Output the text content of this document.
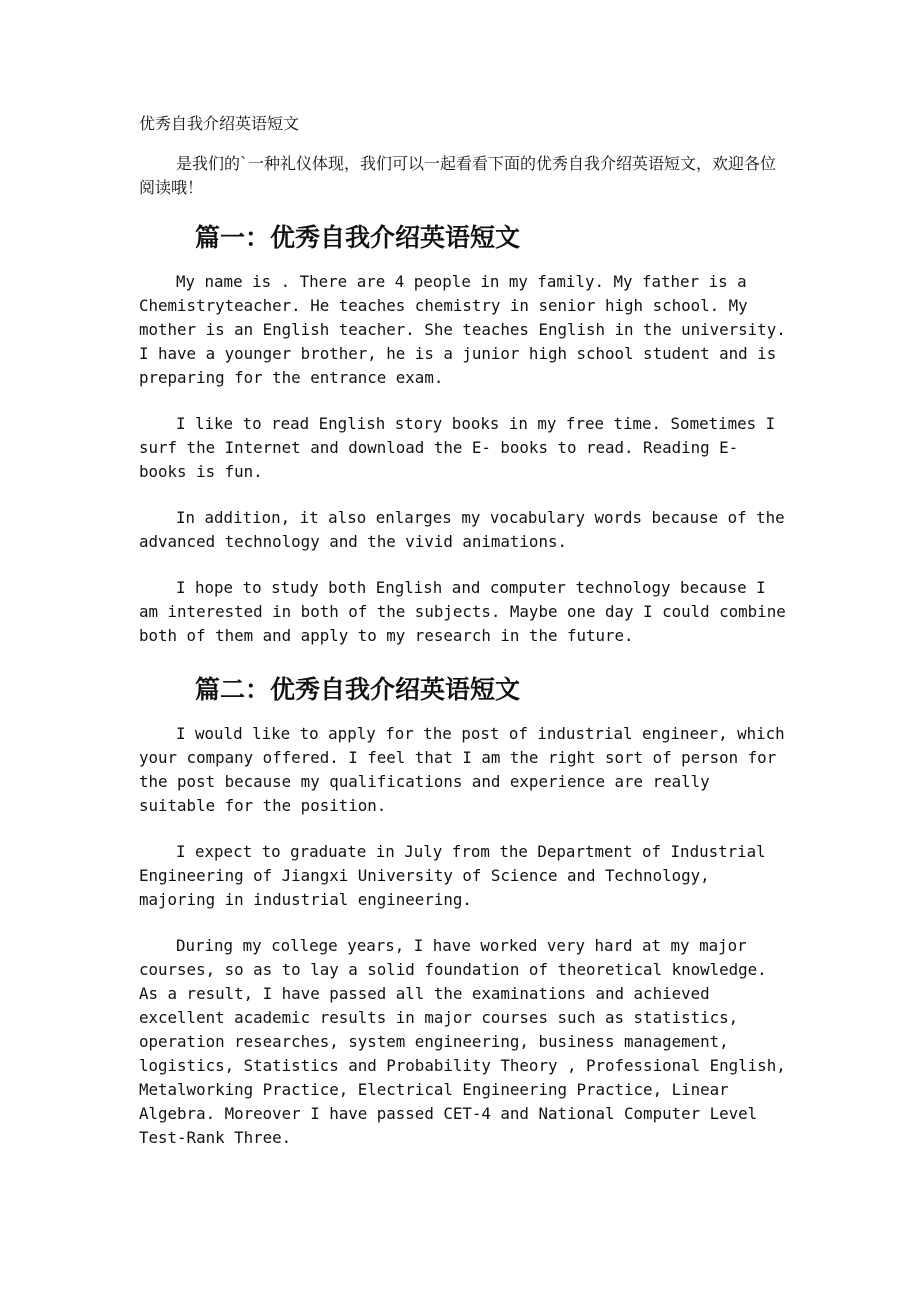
优秀自我介绍英语短文

是我们的`一种礼仪体现，我们可以一起看看下面的优秀自我介绍英语短文，欢迎各位阅读哦！

篇一：优秀自我介绍英语短文

My name is . There are 4 people in my family. My father is a Chemistryteacher. He teaches chemistry in senior high school. My mother is an English teacher. She teaches English in the university. I have a younger brother, he is a junior high school student and is preparing for the entrance exam.

I like to read English story books in my free time. Sometimes I surf the Internet and download the E- books to read. Reading E- books is fun.

In addition, it also enlarges my vocabulary words because of the advanced technology and the vivid animations.

I hope to study both English and computer technology because I am interested in both of the subjects. Maybe one day I could combine both of them and apply to my research in the future.

篇二：优秀自我介绍英语短文

I would like to apply for the post of industrial engineer, which your company offered. I feel that I am the right sort of person for the post because my qualifications and experience are really suitable for the position.

I expect to graduate in July from the Department of Industrial Engineering of Jiangxi University of Science and Technology, majoring in industrial engineering.

During my college years, I have worked very hard at my major courses, so as to lay a solid foundation of theoretical knowledge. As a result, I have passed all the examinations and achieved excellent academic results in major courses such as statistics, operation researches, system engineering, business management, logistics, Statistics and Probability Theory , Professional English, Metalworking Practice, Electrical Engineering Practice, Linear Algebra. Moreover I have passed CET-4 and National Computer Level Test-Rank Three.
